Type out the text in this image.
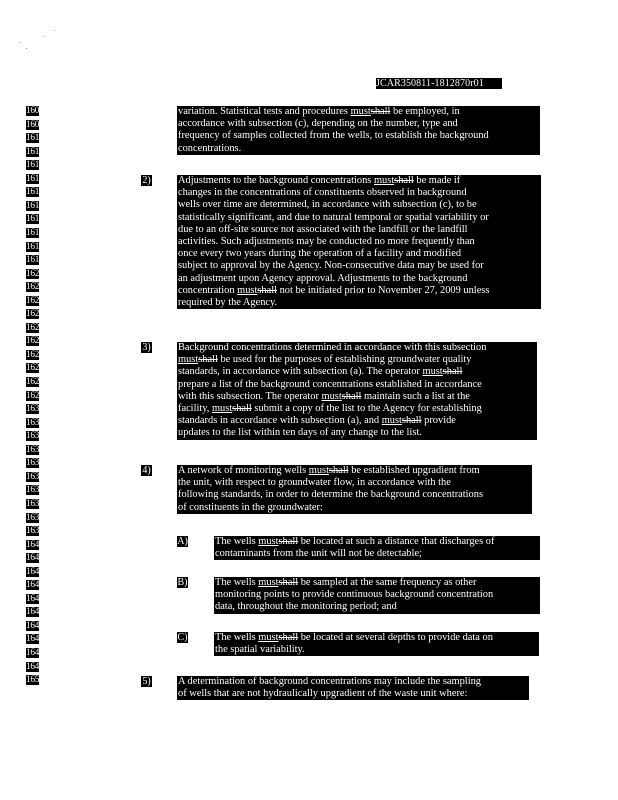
JCAR350811-1812870r01
1608
1609
1610
1611
1612
1613
1614
1615
1616
1617
1618
1619
1620
1621
1622
1623
1624
1625
1626
1627
1628
1629
1630
1631
1632
1633
1634
1635
1636
1637
1638
1639
1640
1641
1642
1643
1644
1645
1646
1647
1648
1649
1650
variation. Statistical tests and procedures mustshall be employed, in
accordance with subsection (c), depending on the number, type and
frequency of samples collected from the wells, to establish the background
concentrations.
2)	Adjustments to the background concentrations mustshall be made if
changes in the concentrations of constituents observed in background
wells over time are determined, in accordance with subsection (c), to be
statistically significant, and due to natural temporal or spatial variability or
due to an off-site source not associated with the landfill or the landfill
activities. Such adjustments may be conducted no more frequently than
once every two years during the operation of a facility and modified
subject to approval by the Agency. Non-consecutive data may be used for
an adjustment upon Agency approval. Adjustments to the background
concentration mustshall not be initiated prior to November 27, 2009 unless
required by the Agency.
3)	Background concentrations determined in accordance with this subsection
mustshall be used for the purposes of establishing groundwater quality
standards, in accordance with subsection (a). The operator mustshall
prepare a list of the background concentrations established in accordance
with this subsection. The operator mustshall maintain such a list at the
facility, mustshall submit a copy of the list to the Agency for establishing
standards in accordance with subsection (a), and mustshall provide
updates to the list within ten days of any change to the list.
4)	A network of monitoring wells mustshall be established upgradient from
the unit, with respect to groundwater flow, in accordance with the
following standards, in order to determine the background concentrations
of constituents in the groundwater:
A)	The wells mustshall be located at such a distance that discharges of
contaminants from the unit will not be detectable;
B)	The wells mustshall be sampled at the same frequency as other
monitoring points to provide continuous background concentration
data, throughout the monitoring period; and
C)	The wells mustshall be located at several depths to provide data on
the spatial variability.
5)	A determination of background concentrations may include the sampling
of wells that are not hydraulically upgradient of the waste unit where:
